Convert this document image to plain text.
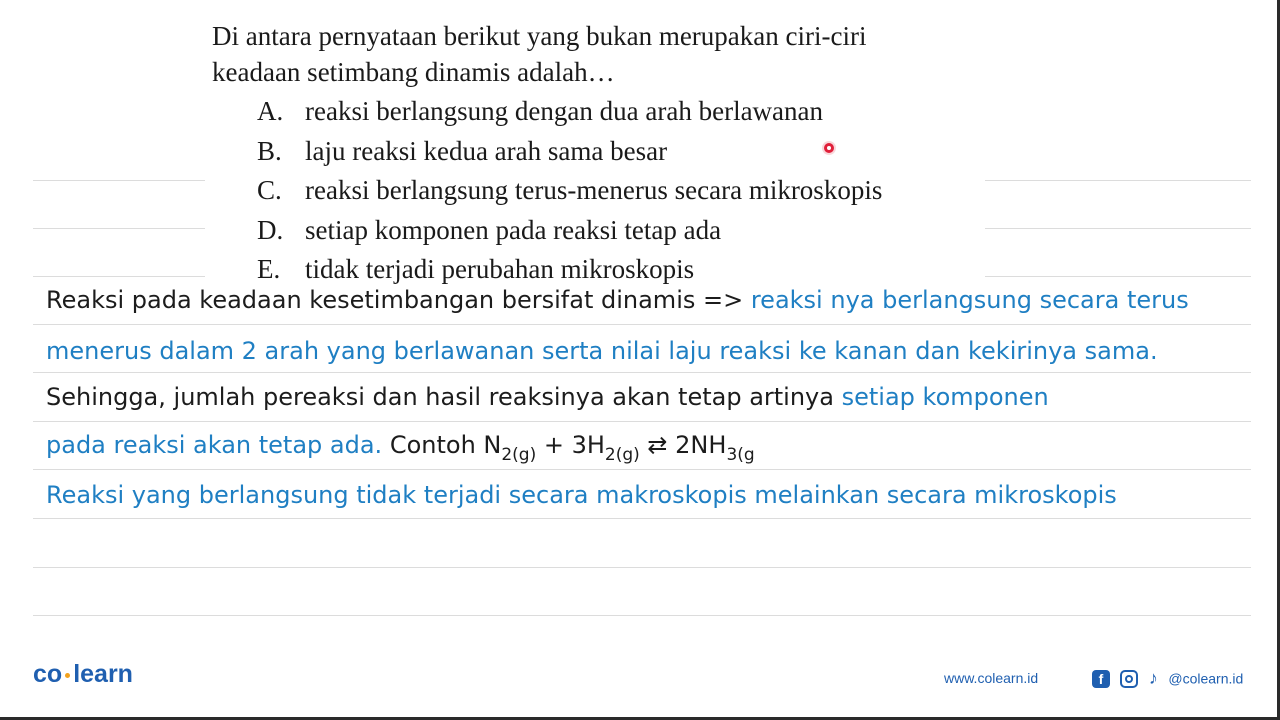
Di antara pernyataan berikut yang bukan merupakan ciri-ciri
keadaan setimbang dinamis adalah…
A. reaksi berlangsung dengan dua arah berlawanan
B. laju reaksi kedua arah sama besar
C. reaksi berlangsung terus-menerus secara mikroskopis
D. setiap komponen pada reaksi tetap ada
E. tidak terjadi perubahan mikroskopis
Reaksi pada keadaan kesetimbangan bersifat dinamis => reaksi nya berlangsung secara terus
menerus dalam 2 arah yang berlawanan serta nilai laju reaksi ke kanan dan kekirinya sama.
Sehingga, jumlah pereaksi dan hasil reaksinya akan tetap artinya setiap komponen
pada reaksi akan tetap ada. Contoh $N_{2(g)} + 3H_{2(g)}$ ⇄ $2NH_{3(g}$
Reaksi yang berlangsung tidak terjadi secara makroskopis melainkan secara mikroskopis
co learn	www.colearn.id	f	♪ @colearn.id
